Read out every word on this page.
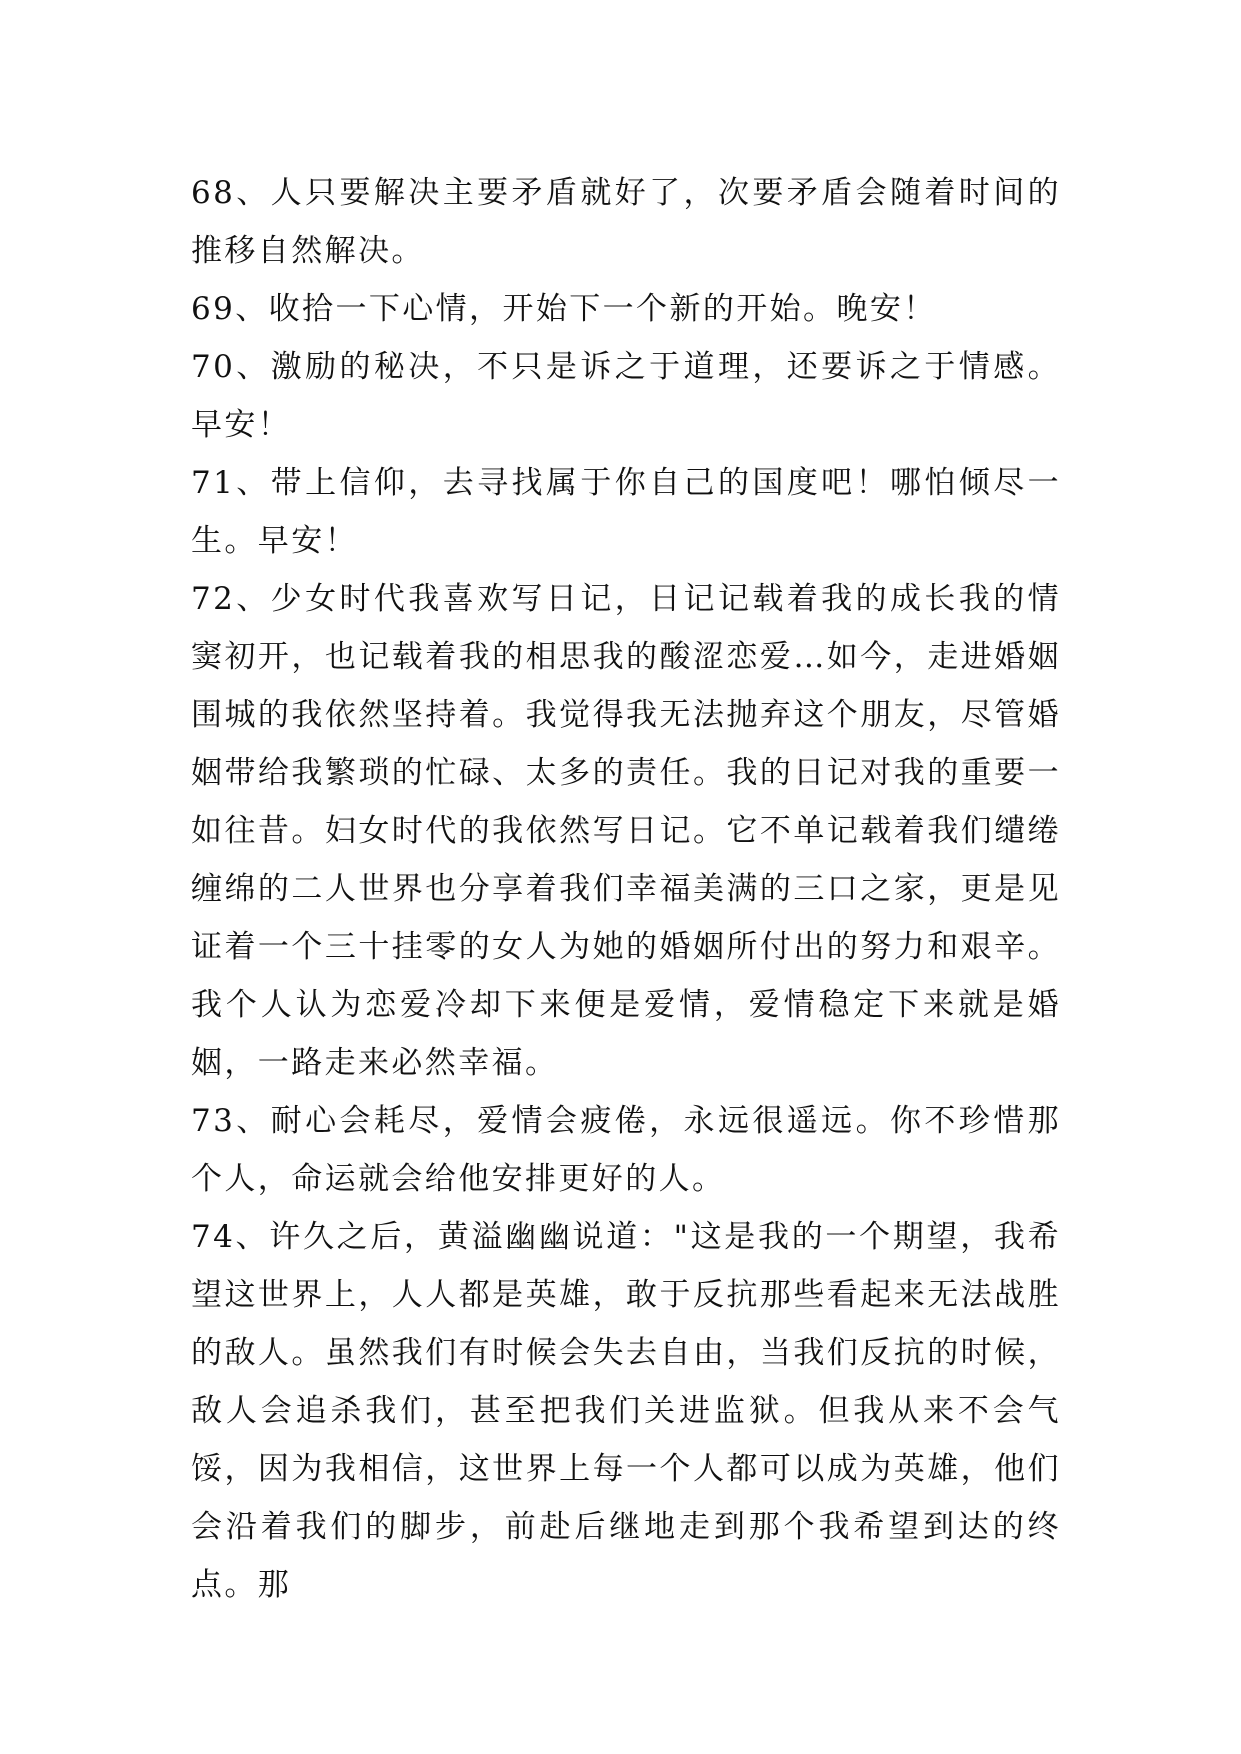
68、人只要解决主要矛盾就好了，次要矛盾会随着时间的推移自然解决。

69、收拾一下心情，开始下一个新的开始。晚安！

70、激励的秘决，不只是诉之于道理，还要诉之于情感。早安！

71、带上信仰，去寻找属于你自己的国度吧！哪怕倾尽一生。早安！

72、少女时代我喜欢写日记，日记记载着我的成长我的情窦初开，也记载着我的相思我的酸涩恋爱…如今，走进婚姻围城的我依然坚持着。我觉得我无法抛弃这个朋友，尽管婚姻带给我繁琐的忙碌、太多的责任。我的日记对我的重要一如往昔。妇女时代的我依然写日记。它不单记载着我们缱绻缠绵的二人世界也分享着我们幸福美满的三口之家，更是见证着一个三十挂零的女人为她的婚姻所付出的努力和艰辛。我个人认为恋爱冷却下来便是爱情，爱情稳定下来就是婚姻，一路走来必然幸福。

73、耐心会耗尽，爱情会疲倦，永远很遥远。你不珍惜那个人，命运就会给他安排更好的人。

74、许久之后，黄溢幽幽说道："这是我的一个期望，我希望这世界上，人人都是英雄，敢于反抗那些看起来无法战胜的敌人。虽然我们有时候会失去自由，当我们反抗的时候，敌人会追杀我们，甚至把我们关进监狱。但我从来不会气馁，因为我相信，这世界上每一个人都可以成为英雄，他们会沿着我们的脚步，前赴后继地走到那个我希望到达的终点。那
